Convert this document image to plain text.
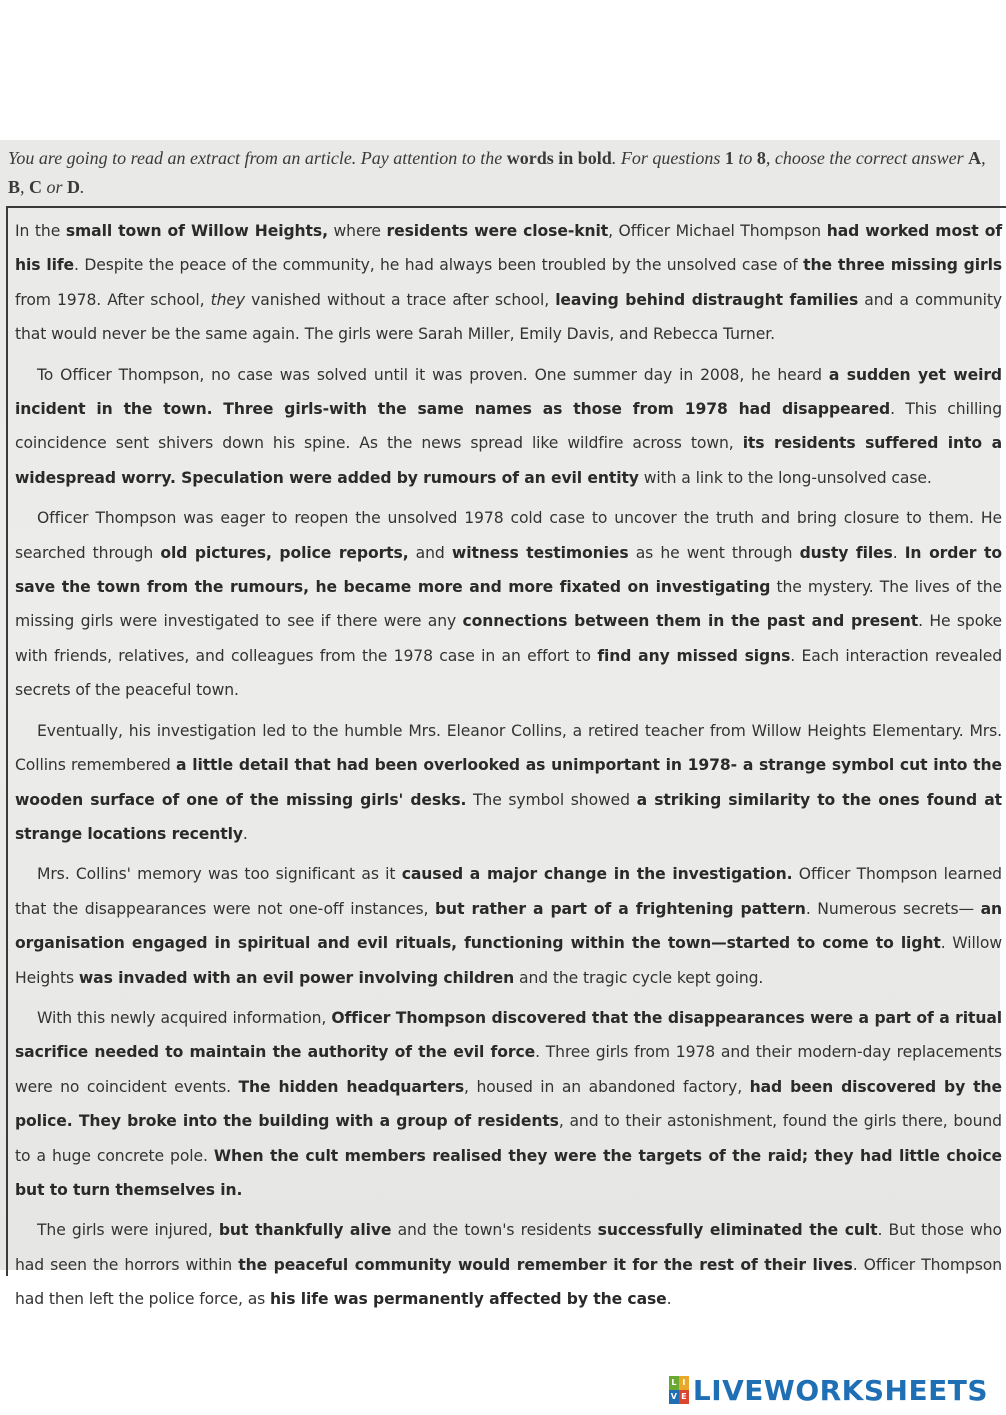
You are going to read an extract from an article. Pay attention to the words in bold. For questions 1 to 8, choose the correct answer A, B, C or D.

In the small town of Willow Heights, where residents were close-knit, Officer Michael Thompson had worked most of his life. Despite the peace of the community, he had always been troubled by the unsolved case of the three missing girls from 1978. After school, they vanished without a trace after school, leaving behind distraught families and a community that would never be the same again. The girls were Sarah Miller, Emily Davis, and Rebecca Turner.

To Officer Thompson, no case was solved until it was proven. One summer day in 2008, he heard a sudden yet weird incident in the town. Three girls-with the same names as those from 1978 had disappeared. This chilling coincidence sent shivers down his spine. As the news spread like wildfire across town, its residents suffered into a widespread worry. Speculation were added by rumours of an evil entity with a link to the long-unsolved case.

Officer Thompson was eager to reopen the unsolved 1978 cold case to uncover the truth and bring closure to them. He searched through old pictures, police reports, and witness testimonies as he went through dusty files. In order to save the town from the rumours, he became more and more fixated on investigating the mystery. The lives of the missing girls were investigated to see if there were any connections between them in the past and present. He spoke with friends, relatives, and colleagues from the 1978 case in an effort to find any missed signs. Each interaction revealed secrets of the peaceful town.

Eventually, his investigation led to the humble Mrs. Eleanor Collins, a retired teacher from Willow Heights Elementary. Mrs. Collins remembered a little detail that had been overlooked as unimportant in 1978- a strange symbol cut into the wooden surface of one of the missing girls' desks. The symbol showed a striking similarity to the ones found at strange locations recently.

Mrs. Collins' memory was too significant as it caused a major change in the investigation. Officer Thompson learned that the disappearances were not one-off instances, but rather a part of a frightening pattern. Numerous secrets— an organisation engaged in spiritual and evil rituals, functioning within the town—started to come to light. Willow Heights was invaded with an evil power involving children and the tragic cycle kept going.

With this newly acquired information, Officer Thompson discovered that the disappearances were a part of a ritual sacrifice needed to maintain the authority of the evil force. Three girls from 1978 and their modern-day replacements were no coincident events. The hidden headquarters, housed in an abandoned factory, had been discovered by the police. They broke into the building with a group of residents, and to their astonishment, found the girls there, bound to a huge concrete pole. When the cult members realised they were the targets of the raid; they had little choice but to turn themselves in.

The girls were injured, but thankfully alive and the town's residents successfully eliminated the cult. But those who had seen the horrors within the peaceful community would remember it for the rest of their lives. Officer Thompson had then left the police force, as his life was permanently affected by the case.

L I
V E LIVEWORKSHEETS
